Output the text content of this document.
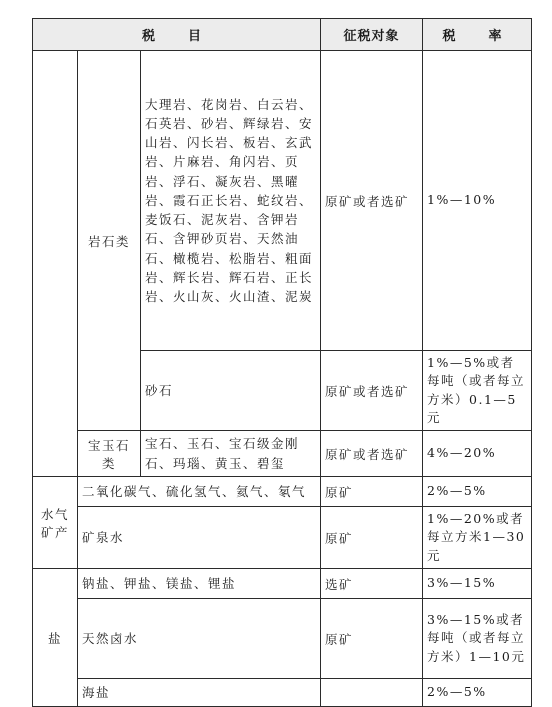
税　目			征税对象	税　率
	岩石类	大理岩、花岗岩、白云岩、石英岩、砂岩、辉绿岩、安山岩、闪长岩、板岩、玄武岩、片麻岩、角闪岩、页岩、浮石、凝灰岩、黑曜岩、霞石正长岩、蛇纹岩、麦饭石、泥灰岩、含钾岩石、含钾砂页岩、天然油石、橄榄岩、松脂岩、粗面岩、辉长岩、辉石岩、正长岩、火山灰、火山渣、泥炭	原矿或者选矿	1%—10%
		砂石	原矿或者选矿	1%—5%或者每吨（或者每立方米）0.1—5元
	宝玉石类	宝石、玉石、宝石级金刚石、玛瑙、黄玉、碧玺	原矿或者选矿	4%—20%
水气矿产	二氧化碳气、硫化氢气、氦气、氡气		原矿	2%—5%
	矿泉水		原矿	1%—20%或者每立方米1—30元
盐	钠盐、钾盐、镁盐、锂盐		选矿	3%—15%
	天然卤水		原矿	3%—15%或者每吨（或者每立方米）1—10元
	海盐			2%—5%
